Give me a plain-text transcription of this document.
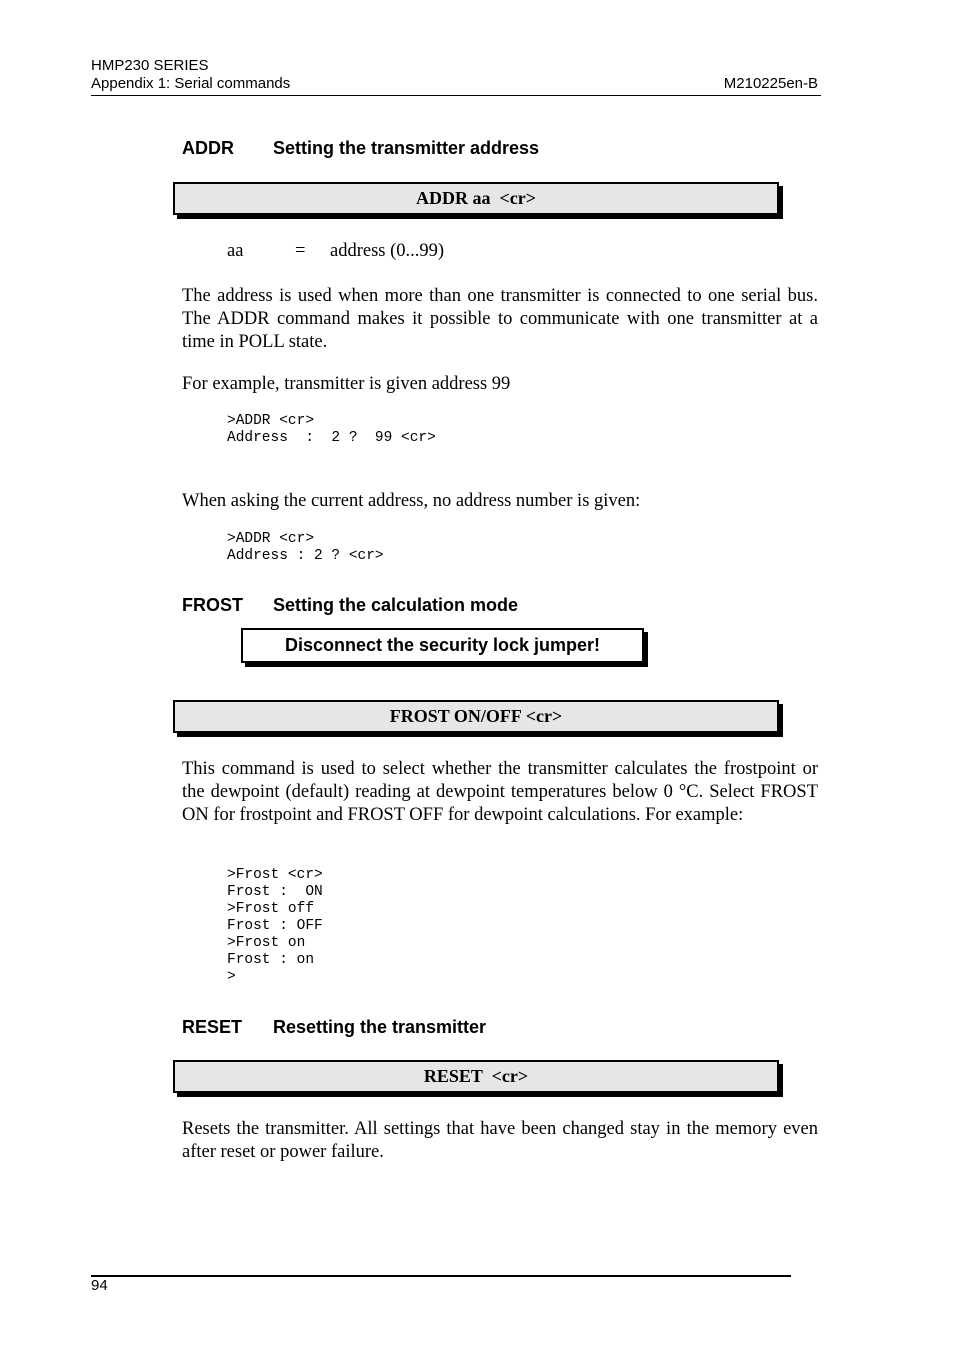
HMP230 SERIES
Appendix 1: Serial commands	M210225en-B
ADDR Setting the transmitter address
ADDR aa  <cr>
aa	= address (0...99)
The address is used when more than one transmitter is connected to one serial bus. The ADDR command makes it possible to communicate with one transmitter at a time in POLL state.
For example, transmitter is given address 99
>ADDR <cr>
Address  :  2 ?  99 <cr>
When asking the current address, no address number is given:
>ADDR <cr>
Address : 2 ? <cr>
FROST Setting the calculation mode
Disconnect the security lock jumper!
FROST ON/OFF <cr>
This command is used to select whether the transmitter calculates the frostpoint or the dewpoint (default) reading at dewpoint temperatures below 0 °C. Select FROST ON for frostpoint and FROST OFF for dewpoint calculations. For example:
>Frost <cr>
Frost :  ON
>Frost off
Frost : OFF
>Frost on
Frost : on
>
RESET Resetting the transmitter
RESET  <cr>
Resets the transmitter. All settings that have been changed stay in the memory even after reset or power failure.
94
